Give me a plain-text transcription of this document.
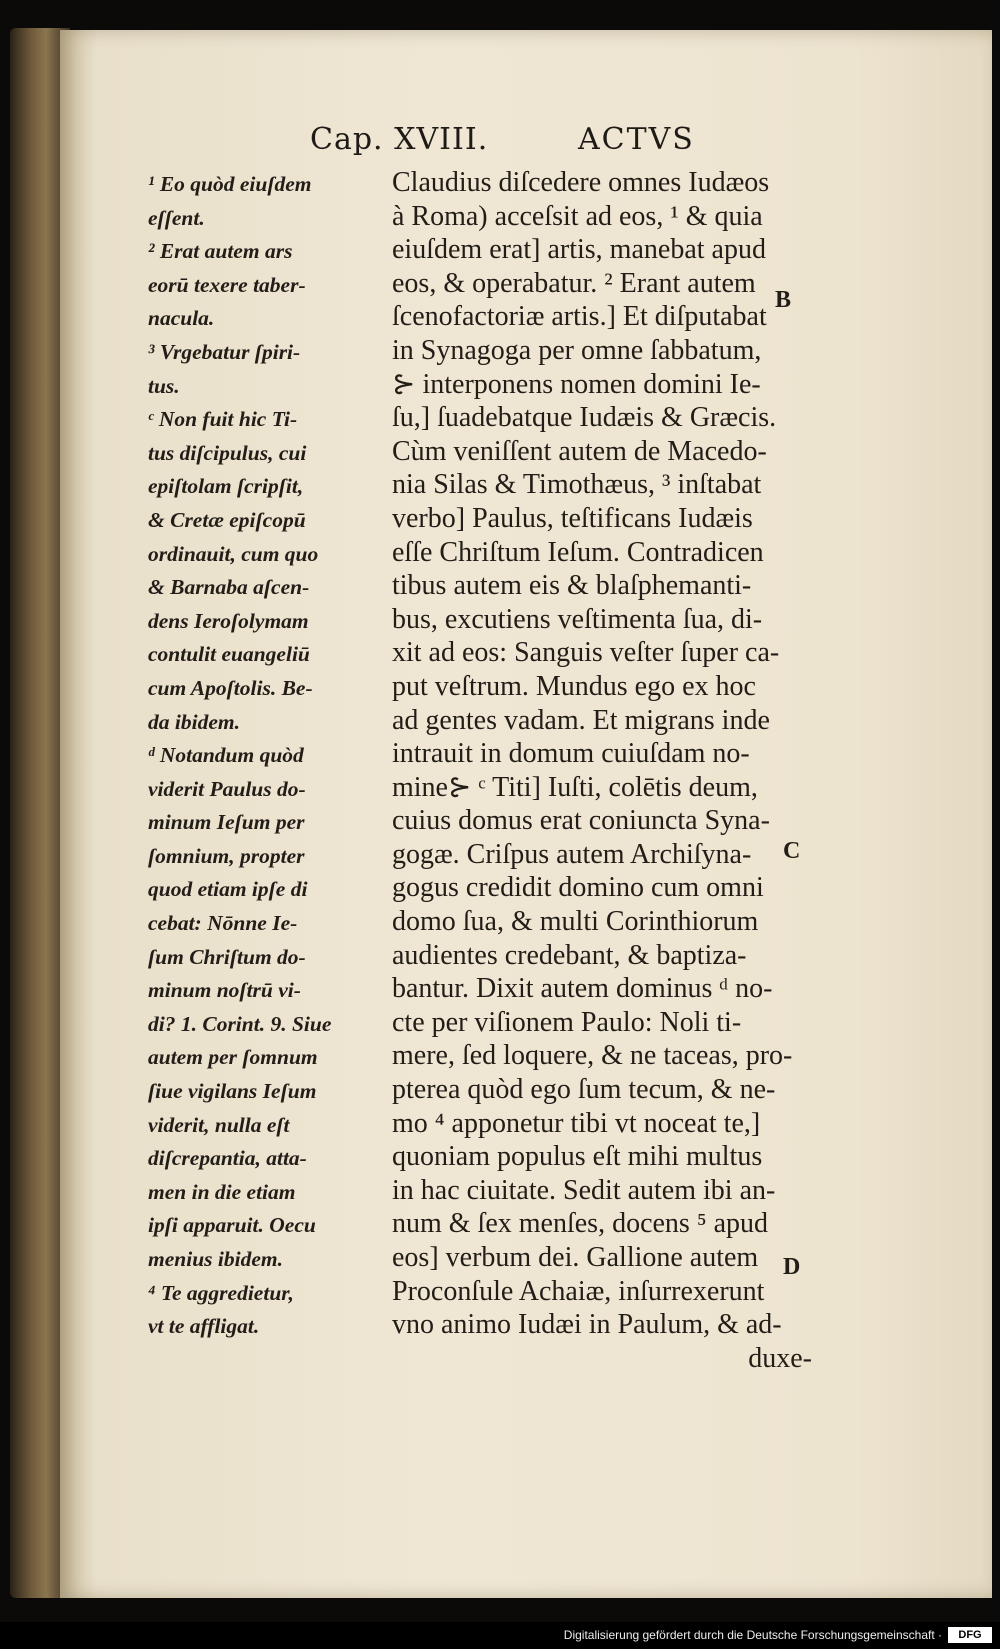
Cap. XVIII.	ACTVS
¹ Eo quòd eiuſdem
eſſent.
² Erat autem ars
eorū texere taber-
nacula.
³ Vrgebatur ſpiri-
tus.
ᶜ Non fuit hic Ti-
tus diſcipulus, cui
epiſtolam ſcripſit,
& Cretæ epiſcopū
ordinauit, cum quo
& Barnaba aſcen-
dens Ieroſolymam
contulit euangeliū
cum Apoſtolis. Be-
da ibidem.
ᵈ Notandum quòd
viderit Paulus do-
minum Ieſum per
ſomnium, propter
quod etiam ipſe di
cebat: Nōnne Ie-
ſum Chriſtum do-
minum noſtrū vi-
di? 1. Corint. 9. Siue
autem per ſomnum
ſiue vigilans Ieſum
viderit, nulla eſt
diſcrepantia, atta-
men in die etiam
ipſi apparuit. Oecu
menius ibidem.
⁴ Te aggredietur,
vt te affligat.
Claudius diſcedere omnes Iudæos
à Roma) acceſsit ad eos, ¹ & quia
eiuſdem erat] artis, manebat apud
eos, & operabatur. ² Erant autem
ſcenofactoriæ artis.] Et diſputabat
in Synagoga per omne ſabbatum,
⊱ interponens nomen domini Ie-
ſu,] ſuadebatque Iudæis & Græcis.
Cùm veniſſent autem de Macedo-
nia Silas & Timothæus, ³ inſtabat
verbo] Paulus, teſtificans Iudæis
eſſe Chriſtum Ieſum. Contradicen
tibus autem eis & blaſphemanti-
bus, excutiens veſtimenta ſua, di-
xit ad eos: Sanguis veſter ſuper ca-
put veſtrum. Mundus ego ex hoc
ad gentes vadam. Et migrans inde
intrauit in domum cuiuſdam no-
mine⊱ ᶜ Titi] Iuſti, colētis deum,
cuius domus erat coniuncta Syna-
gogæ. Criſpus autem Archiſyna-
gogus credidit domino cum omni
domo ſua, & multi Corinthiorum
audientes credebant, & baptiza-
bantur. Dixit autem dominus ᵈ no-
cte per viſionem Paulo: Noli ti-
mere, ſed loquere, & ne taceas, pro-
pterea quòd ego ſum tecum, & ne-
mo ⁴ apponetur tibi vt noceat te,]
quoniam populus eſt mihi multus
in hac ciuitate. Sedit autem ibi an-
num & ſex menſes, docens ⁵ apud
eos] verbum dei. Gallione autem
Proconſule Achaiæ, inſurrexerunt
vno animo Iudæi in Paulum, & ad-
duxe-
B
C
D
Digitalisierung gefördert durch die Deutsche Forschungsgemeinschaft ·	DFG
